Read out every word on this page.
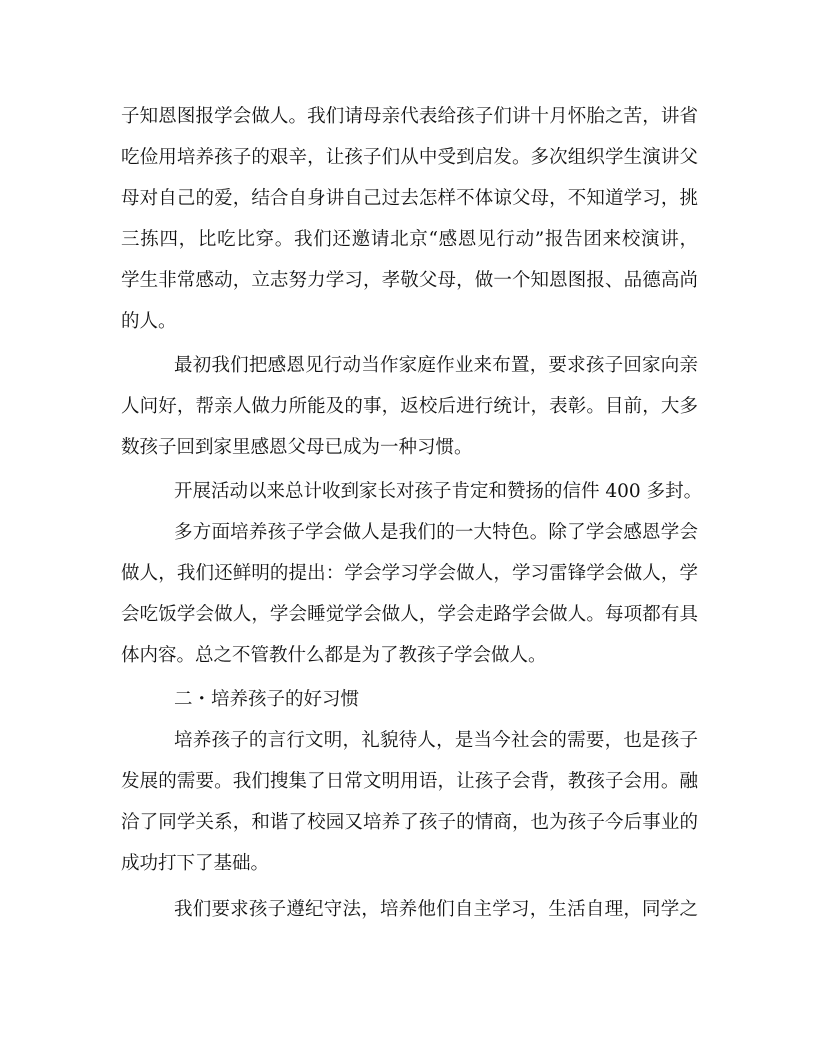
子知恩图报学会做人。我们请母亲代表给孩子们讲十月怀胎之苦，讲省
吃俭用培养孩子的艰辛，让孩子们从中受到启发。多次组织学生演讲父
母对自己的爱，结合自身讲自己过去怎样不体谅父母，不知道学习，挑
三拣四，比吃比穿。我们还邀请北京“感恩见行动”报告团来校演讲，
学生非常感动，立志努力学习，孝敬父母，做一个知恩图报、品德高尚
的人。
最初我们把感恩见行动当作家庭作业来布置，要求孩子回家向亲
人问好，帮亲人做力所能及的事，返校后进行统计，表彰。目前，大多
数孩子回到家里感恩父母已成为一种习惯。
开展活动以来总计收到家长对孩子肯定和赞扬的信件 400 多封。
多方面培养孩子学会做人是我们的一大特色。除了学会感恩学会
做人，我们还鲜明的提出：学会学习学会做人，学习雷锋学会做人，学
会吃饭学会做人，学会睡觉学会做人，学会走路学会做人。每项都有具
体内容。总之不管教什么都是为了教孩子学会做人。
二・培养孩子的好习惯
培养孩子的言行文明，礼貌待人，是当今社会的需要，也是孩子
发展的需要。我们搜集了日常文明用语，让孩子会背，教孩子会用。融
洽了同学关系，和谐了校园又培养了孩子的情商，也为孩子今后事业的
成功打下了基础。
我们要求孩子遵纪守法，培养他们自主学习，生活自理，同学之
